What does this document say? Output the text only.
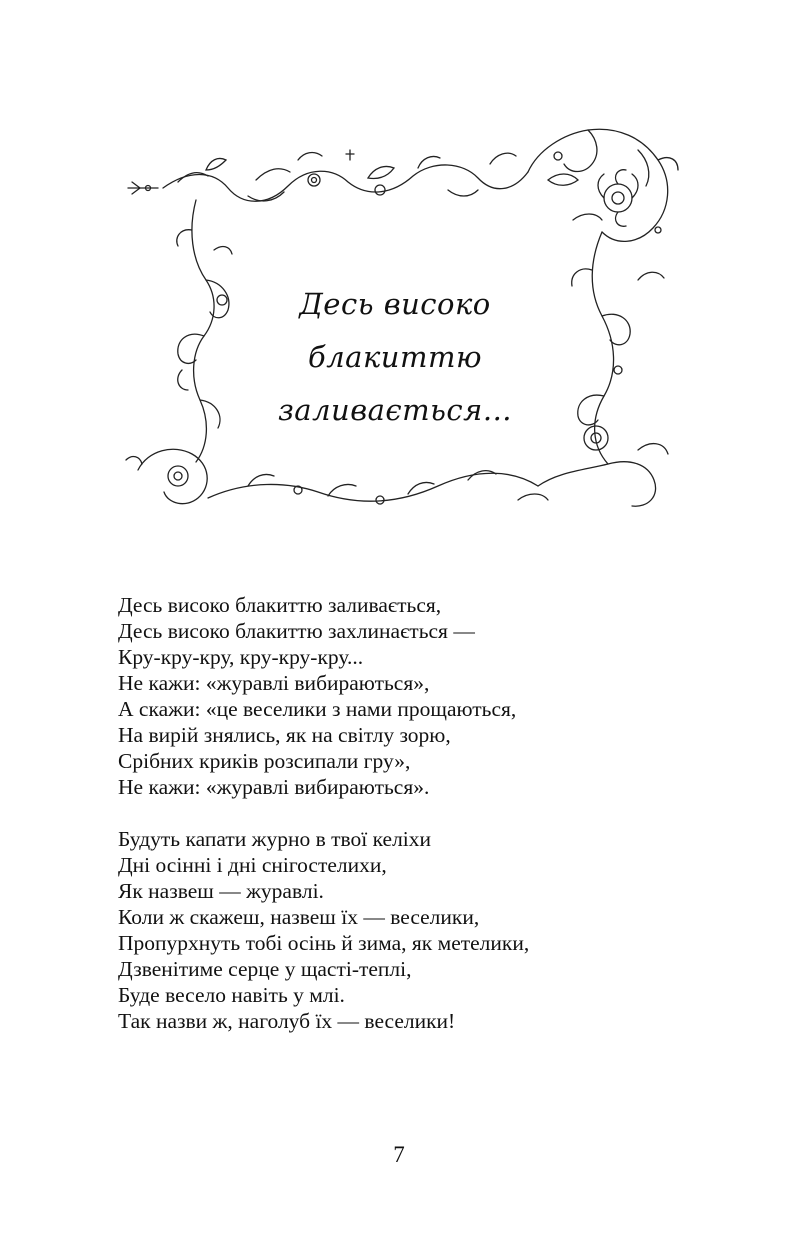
Десь високо
блакиттю
заливається...
Десь високо блакиттю заливається,
Десь високо блакиттю захлинається —
Кру-кру-кру, кру-кру-кру...
Не кажи: «журавлі вибираються»,
А скажи: «це веселики з нами прощаються,
На вирій знялись, як на світлу зорю,
Срібних криків розсипали гру»,
Не кажи: «журавлі вибираються».
Будуть капати журно в твої келіхи
Дні осінні і дні снігостелихи,
Як назвеш — журавлі.
Коли ж скажеш, назвеш їх — веселики,
Пропурхнуть тобі осінь й зима, як метелики,
Дзвенітиме серце у щасті-теплі,
Буде весело навіть у млі.
Так назви ж, наголуб їх — веселики!
7
